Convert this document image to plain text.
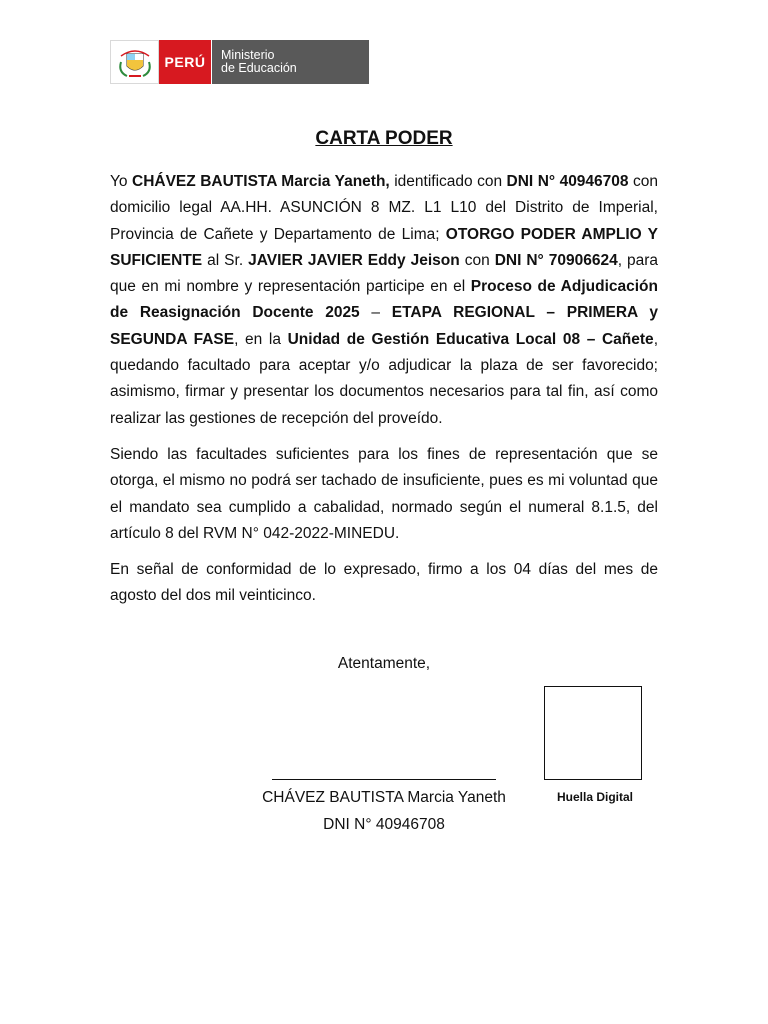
PERÚ	Ministerio
de Educación
CARTA PODER

Yo CHÁVEZ BAUTISTA Marcia Yaneth, identificado con DNI N° 40946708 con domicilio legal AA.HH. ASUNCIÓN 8 MZ. L1 L10 del Distrito de Imperial, Provincia de Cañete y Departamento de Lima; OTORGO PODER AMPLIO Y SUFICIENTE al Sr. JAVIER JAVIER Eddy Jeison con DNI N° 70906624, para que en mi nombre y representación participe en el Proceso de Adjudicación de Reasignación Docente 2025 – ETAPA REGIONAL – PRIMERA y SEGUNDA FASE, en la Unidad de Gestión Educativa Local 08 – Cañete, quedando facultado para aceptar y/o adjudicar la plaza de ser favorecido; asimismo, firmar y presentar los documentos necesarios para tal fin, así como realizar las gestiones de recepción del proveído.

Siendo las facultades suficientes para los fines de representación que se otorga, el mismo no podrá ser tachado de insuficiente, pues es mi voluntad que el mandato sea cumplido a cabalidad, normado según el numeral 8.1.5, del artículo 8 del RVM N° 042-2022-MINEDU.

En señal de conformidad de lo expresado, firmo a los 04 días del mes de agosto del dos mil veinticinco.

Atentamente,
CHÁVEZ BAUTISTA Marcia Yaneth
DNI N° 40946708
Huella Digital
